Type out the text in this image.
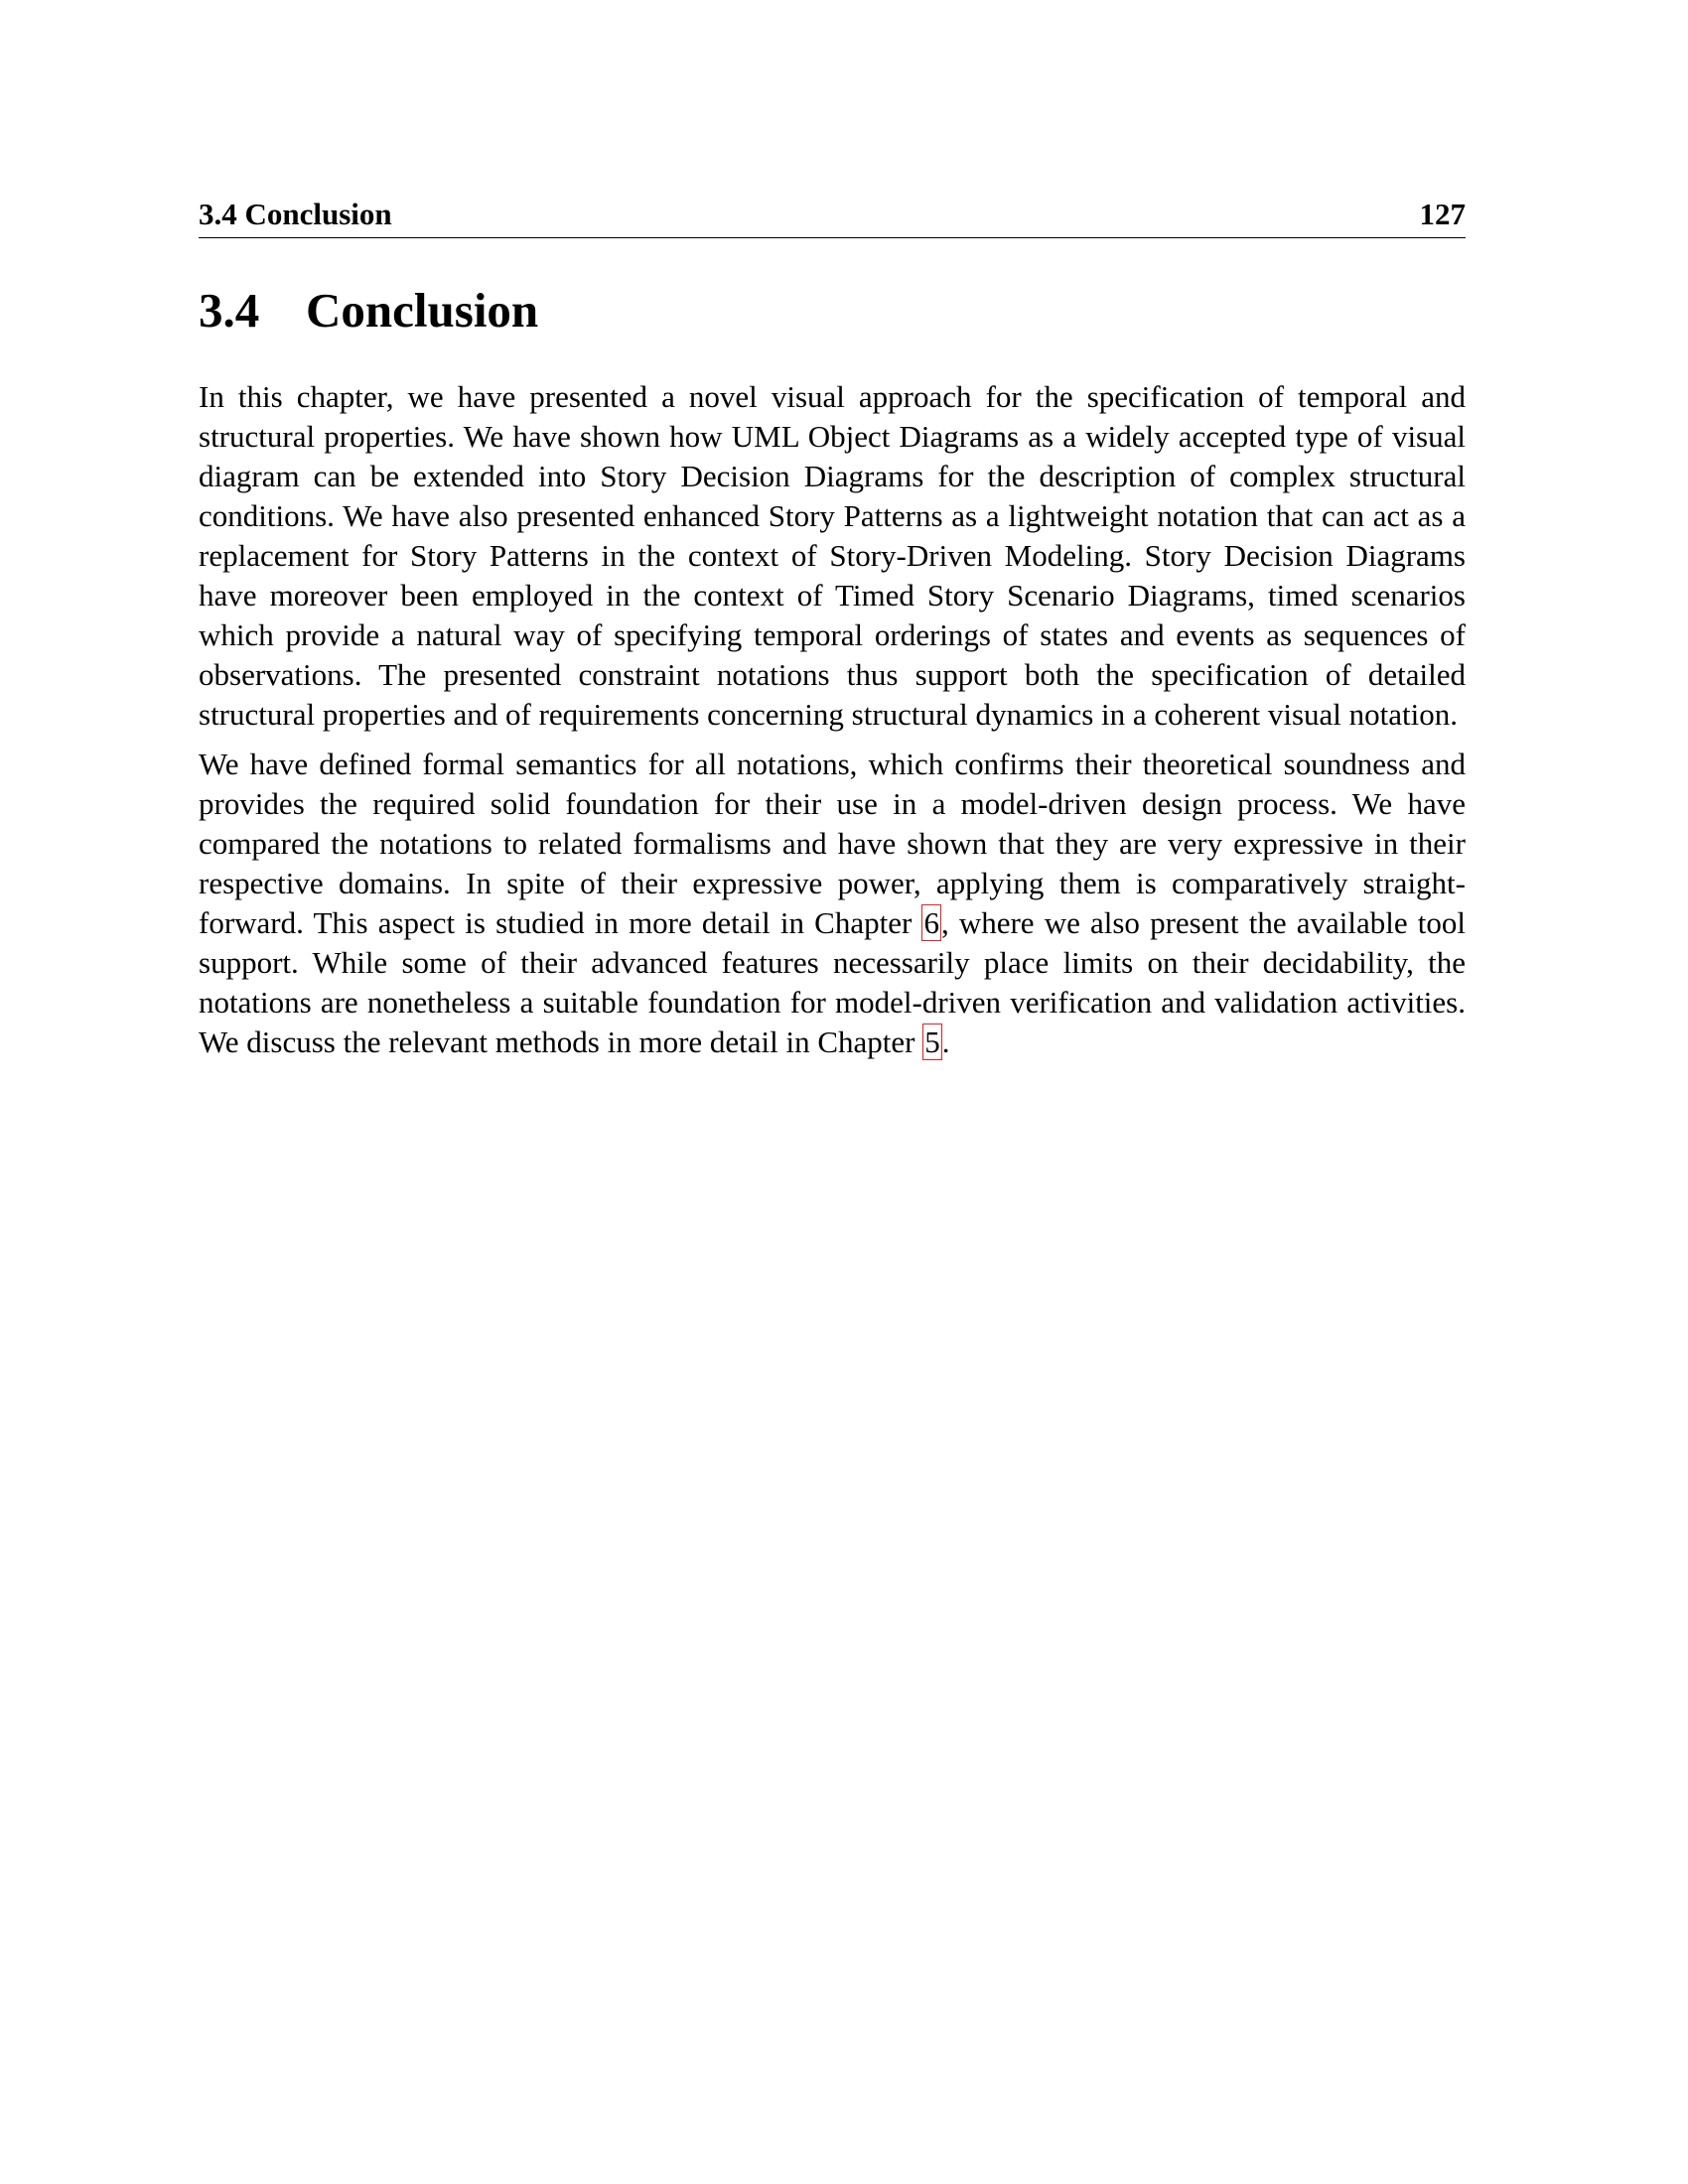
3.4 Conclusion	127
3.4 Conclusion

In this chapter, we have presented a novel visual approach for the specification of temporal and structural properties. We have shown how UML Object Diagrams as a widely accepted type of visual diagram can be extended into Story Decision Diagrams for the description of complex structural conditions. We have also presented enhanced Story Patterns as a lightweight notation that can act as a replacement for Story Patterns in the context of Story-Driven Modeling. Story Decision Diagrams have moreover been employed in the context of Timed Story Scenario Diagrams, timed scenarios which provide a natural way of specifying temporal orderings of states and events as sequences of observations. The presented constraint notations thus support both the specification of detailed structural properties and of requirements concerning structural dynamics in a coherent visual notation.

We have defined formal semantics for all notations, which confirms their theoretical soundness and provides the required solid foundation for their use in a model-driven design process. We have compared the notations to related formalisms and have shown that they are very expressive in their respective domains. In spite of their expressive power, applying them is comparatively straight-forward. This aspect is studied in more detail in Chapter 6, where we also present the available tool support. While some of their advanced features necessarily place limits on their decidability, the notations are nonetheless a suitable foundation for model-driven verification and validation activities. We discuss the relevant methods in more detail in Chapter 5.
